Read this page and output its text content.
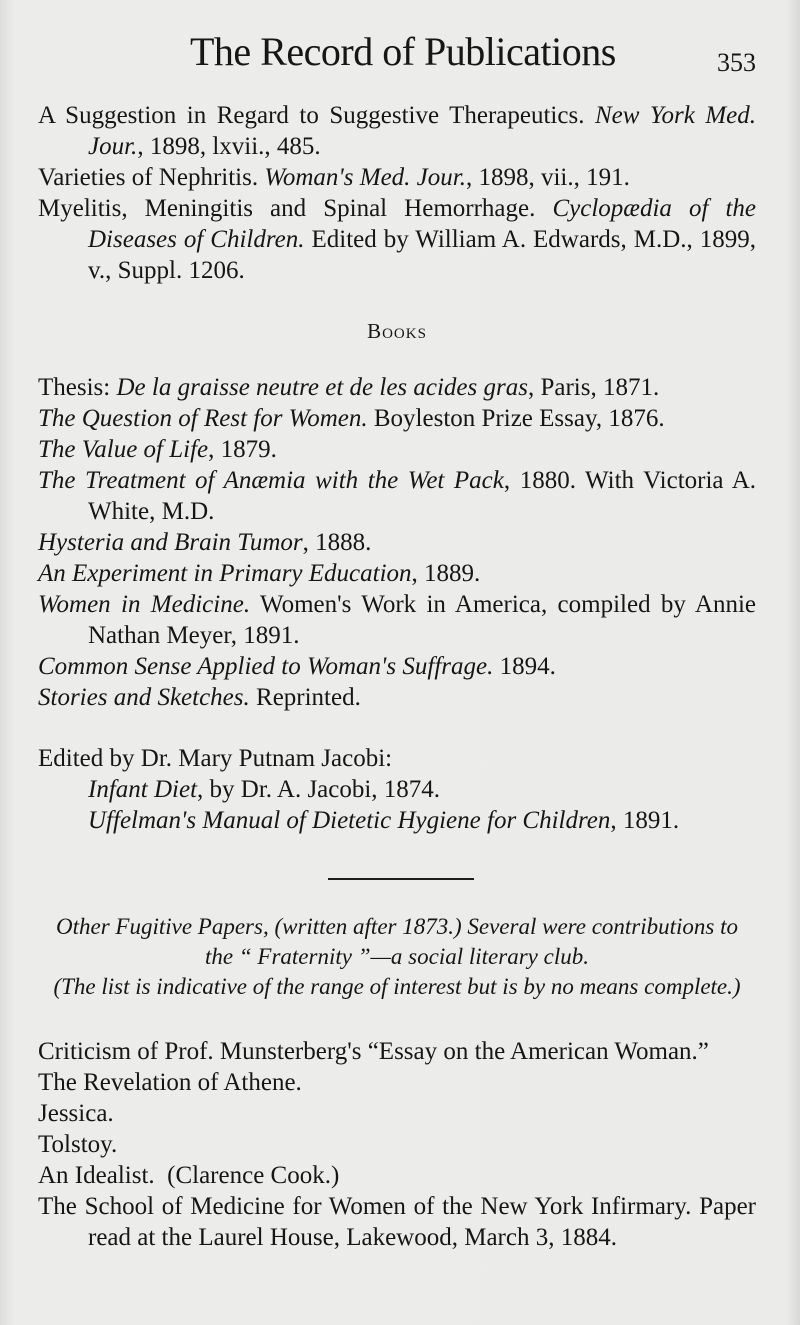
The Record of Publications	353

A Suggestion in Regard to Suggestive Therapeutics. New York Med. Jour., 1898, lxvii., 485.

Varieties of Nephritis. Woman's Med. Jour., 1898, vii., 191.

Myelitis, Meningitis and Spinal Hemorrhage. Cyclopædia of the Diseases of Children. Edited by William A. Edwards, M.D., 1899, v., Suppl. 1206.

Books

Thesis: De la graisse neutre et de les acides gras, Paris, 1871.

The Question of Rest for Women. Boyleston Prize Essay, 1876.

The Value of Life, 1879.

The Treatment of Anæmia with the Wet Pack, 1880. With Victoria A. White, M.D.

Hysteria and Brain Tumor, 1888.

An Experiment in Primary Education, 1889.

Women in Medicine. Women's Work in America, compiled by Annie Nathan Meyer, 1891.

Common Sense Applied to Woman's Suffrage. 1894.

Stories and Sketches. Reprinted.

Edited by Dr. Mary Putnam Jacobi:

Infant Diet, by Dr. A. Jacobi, 1874.

Uffelman's Manual of Dietetic Hygiene for Children, 1891.

Other Fugitive Papers, (written after 1873.) Several were contributions to the “ Fraternity ”—a social literary club.
(The list is indicative of the range of interest but is by no means complete.)

Criticism of Prof. Munsterberg's “Essay on the American Woman.”

The Revelation of Athene.

Jessica.

Tolstoy.

An Idealist.  (Clarence Cook.)

The School of Medicine for Women of the New York Infirmary. Paper read at the Laurel House, Lakewood, March 3, 1884.
